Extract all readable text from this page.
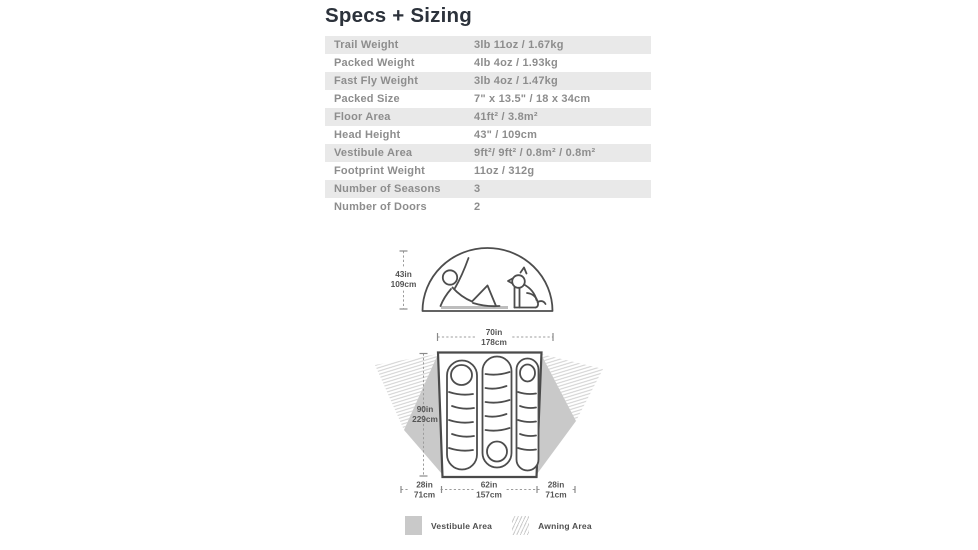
Specs + Sizing
Trail Weight	3lb 11oz / 1.67kg
Packed Weight	4lb 4oz / 1.93kg
Fast Fly Weight	3lb 4oz / 1.47kg
Packed Size	7" x 13.5" / 18 x 34cm
Floor Area	41ft² / 3.8m²
Head Height	43" / 109cm
Vestibule Area	9ft²/ 9ft² / 0.8m² / 0.8m²
Footprint Weight	11oz / 312g
Number of Seasons	3
Number of Doors	2
43in
109cm
70in
178cm
90in
229cm
28in
71cm
62in
157cm
28in
71cm
Vestibule Area	Awning Area
